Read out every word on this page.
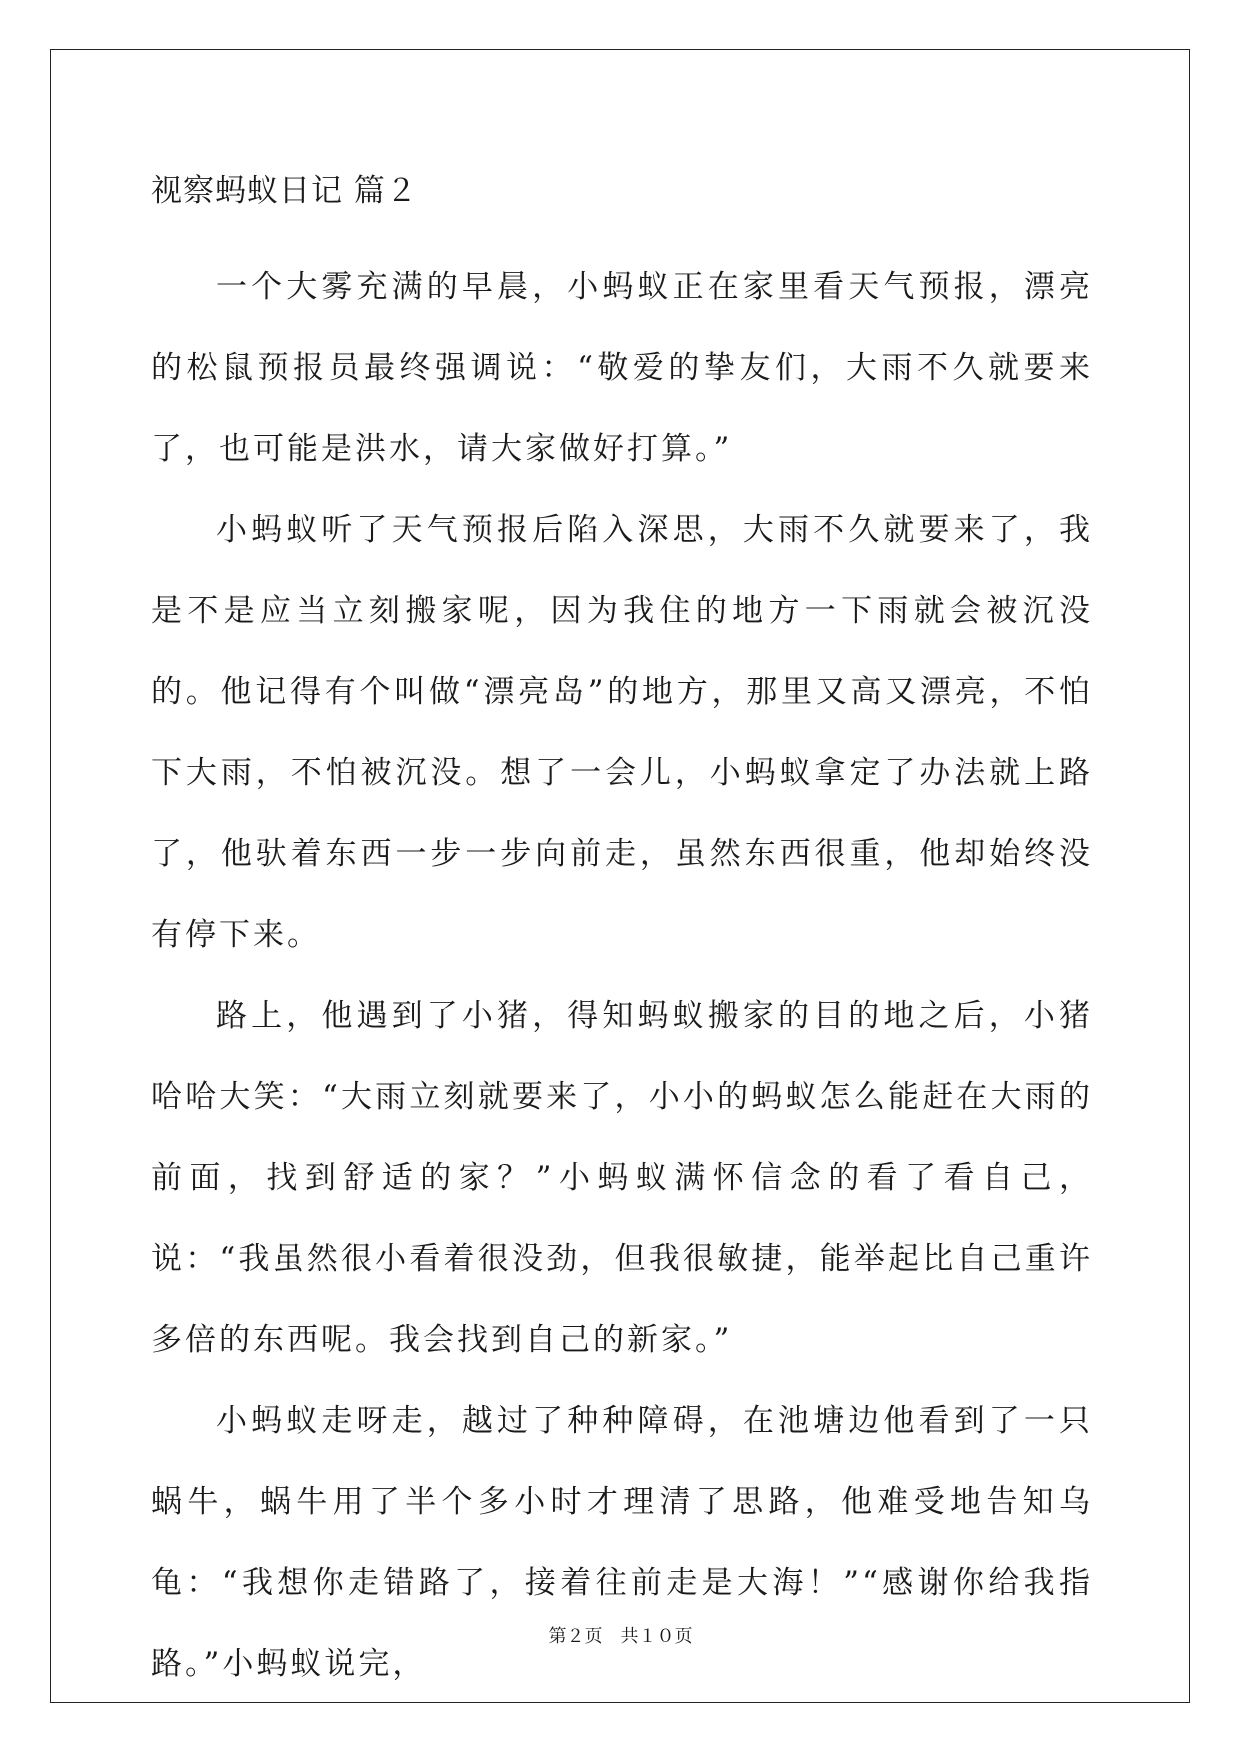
视察蚂蚁日记 篇２

一个大雾充满的早晨，小蚂蚁正在家里看天气预报，漂亮的松鼠预报员最终强调说：“敬爱的挚友们，大雨不久就要来了，也可能是洪水，请大家做好打算。”

小蚂蚁听了天气预报后陷入深思，大雨不久就要来了，我是不是应当立刻搬家呢，因为我住的地方一下雨就会被沉没的。他记得有个叫做“漂亮岛”的地方，那里又高又漂亮，不怕下大雨，不怕被沉没。想了一会儿，小蚂蚁拿定了办法就上路了，他驮着东西一步一步向前走，虽然东西很重，他却始终没有停下来。

路上，他遇到了小猪，得知蚂蚁搬家的目的地之后，小猪哈哈大笑：“大雨立刻就要来了，小小的蚂蚁怎么能赶在大雨的前面，找到舒适的家？”小蚂蚁满怀信念的看了看自己，说：“我虽然很小看着很没劲，但我很敏捷，能举起比自己重许多倍的东西呢。我会找到自己的新家。”

小蚂蚁走呀走，越过了种种障碍，在池塘边他看到了一只蜗牛，蜗牛用了半个多小时才理清了思路，他难受地告知乌龟：“我想你走错路了，接着往前走是大海！”“感谢你给我指路。”小蚂蚁说完，

第２页 共１０页
